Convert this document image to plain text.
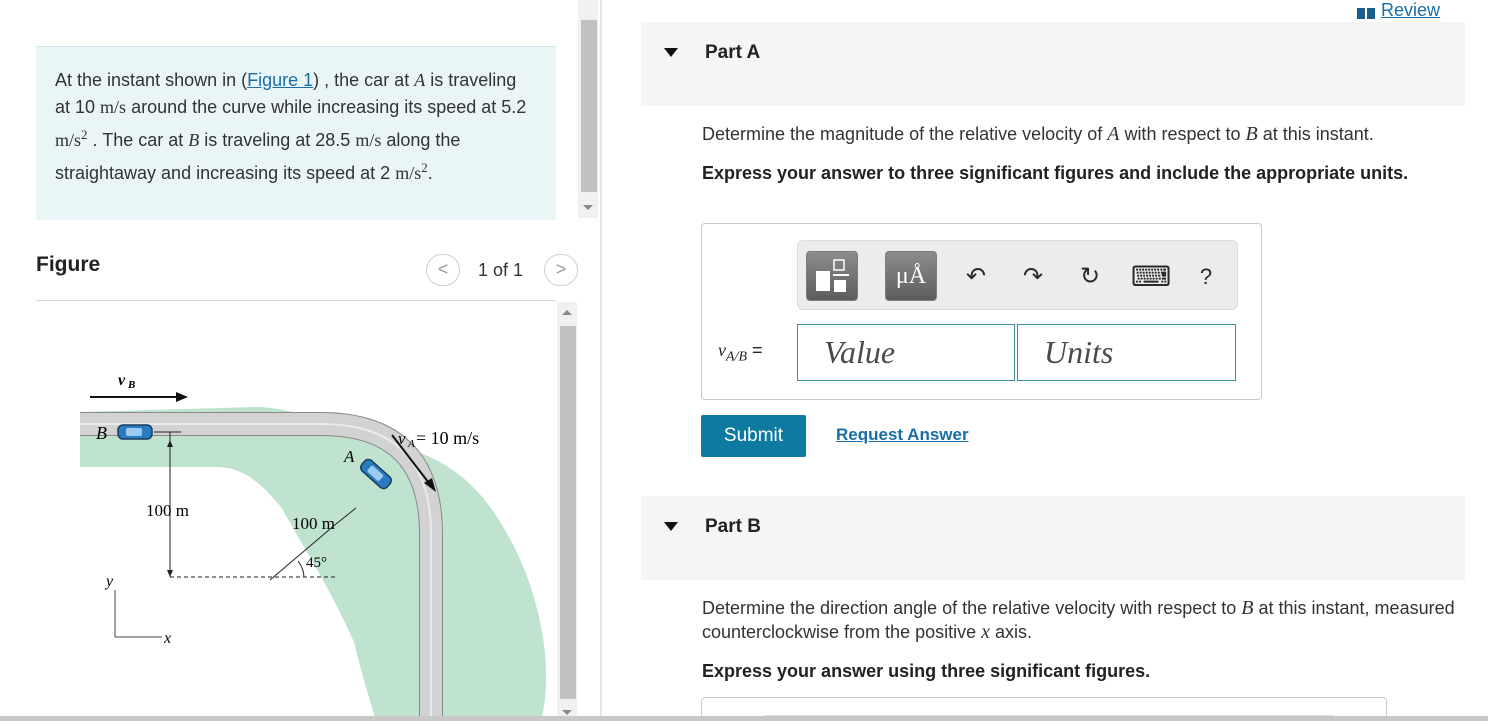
At the instant shown in (Figure 1) , the car at A is traveling at 10 m/s around the curve while increasing its speed at 5.2 $m/s^2$ . The car at B is traveling at 28.5 m/s along the straightaway and increasing its speed at 2 $m/s^2$.
Figure	<	1 of 1	>
v B
B
100 m
100 m
45°
A
v A = 10 m/s
y
x
Review
Part A
Determine the magnitude of the relative velocity of A with respect to B at this instant.
Express your answer to three significant figures and include the appropriate units.
μÅ	↶ ↷ ↻ ⌨	?
$v_{A/B}$ =
Value
Units
Submit	Request Answer
Part B
Determine the direction angle of the relative velocity with respect to B at this instant, measured counterclockwise from the positive x axis.
Express your answer using three significant figures.
